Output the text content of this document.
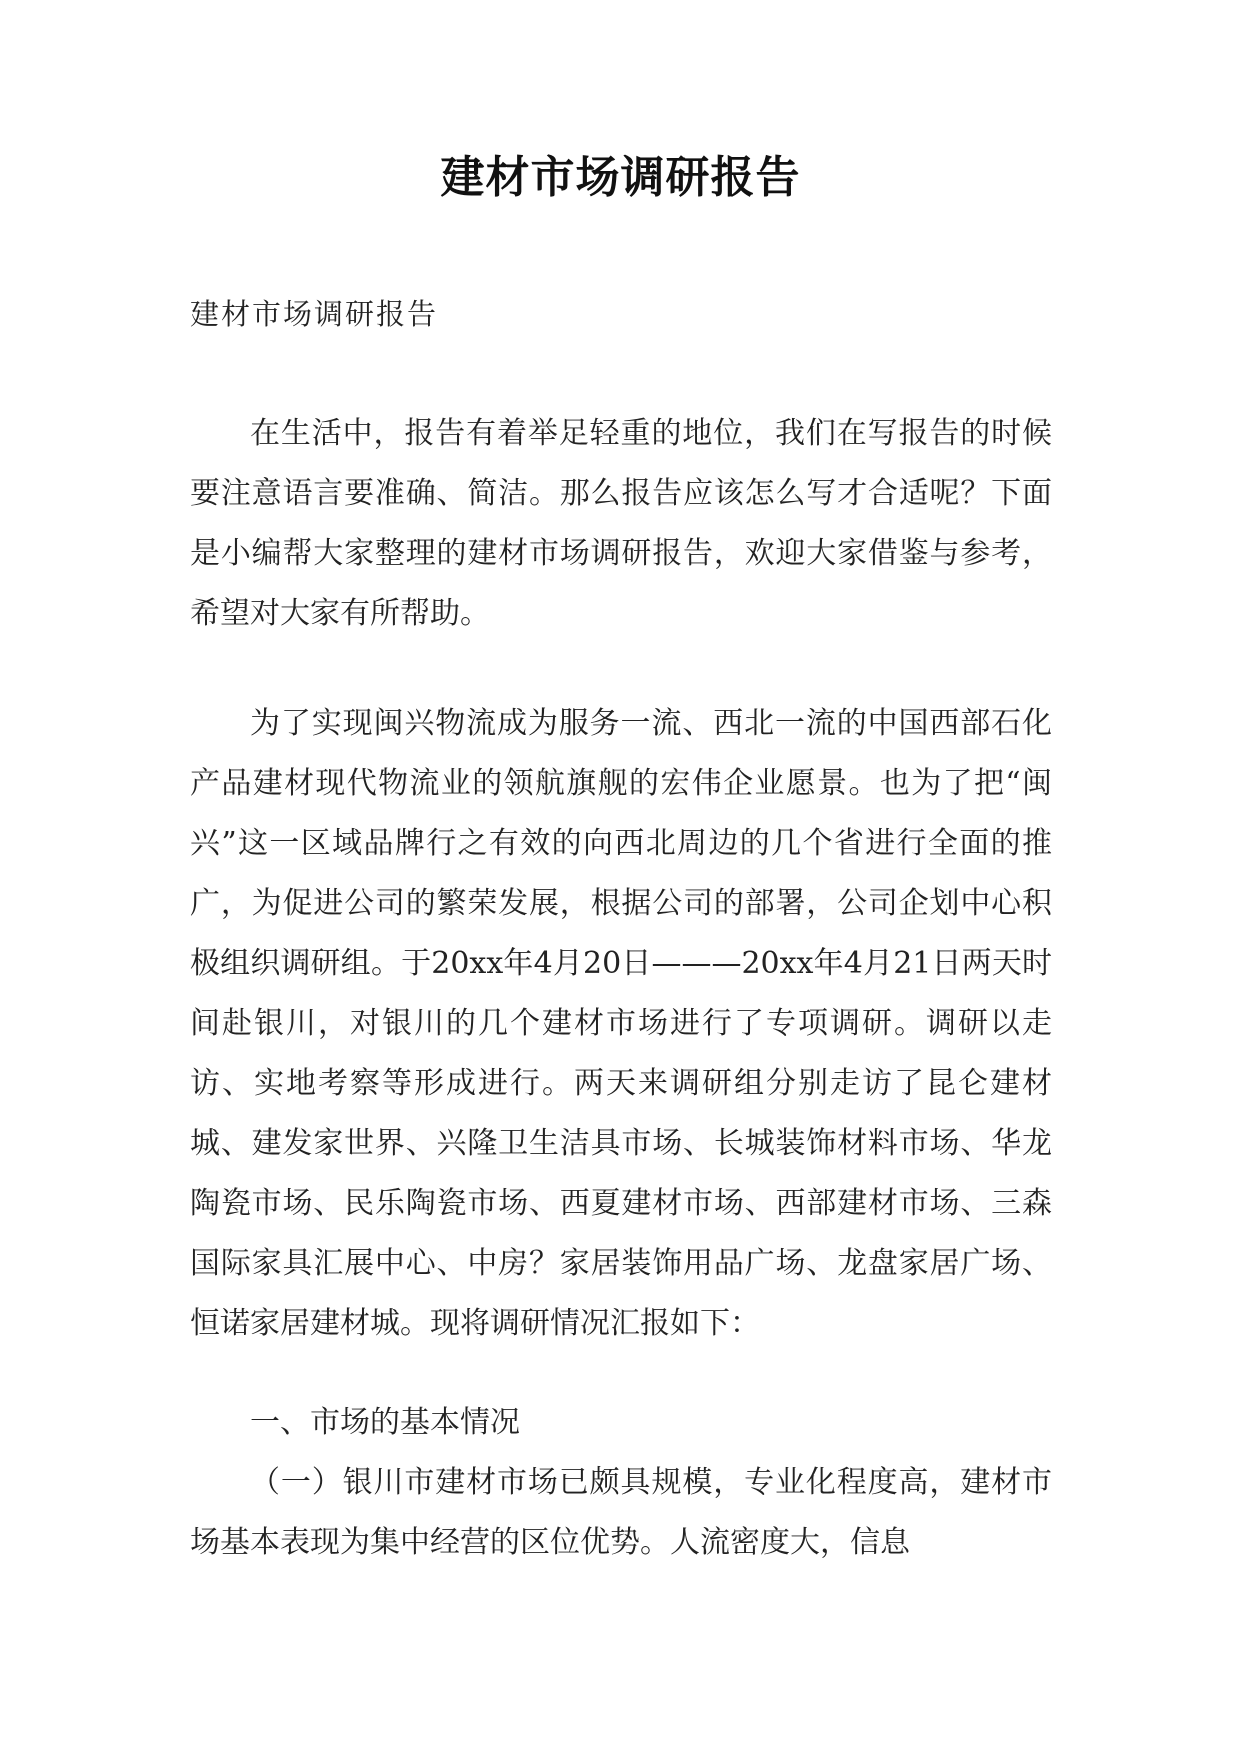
建材市场调研报告

建材市场调研报告

在生活中，报告有着举足轻重的地位，我们在写报告的时候要注意语言要准确、简洁。那么报告应该怎么写才合适呢？下面是小编帮大家整理的建材市场调研报告，欢迎大家借鉴与参考，希望对大家有所帮助。

为了实现闽兴物流成为服务一流、西北一流的中国西部石化产品建材现代物流业的领航旗舰的宏伟企业愿景。也为了把“闽兴”这一区域品牌行之有效的向西北周边的几个省进行全面的推广，为促进公司的繁荣发展，根据公司的部署，公司企划中心积极组织调研组。于20xx年4月20日———20xx年4月21日两天时间赴银川，对银川的几个建材市场进行了专项调研。调研以走访、实地考察等形成进行。两天来调研组分别走访了昆仑建材城、建发家世界、兴隆卫生洁具市场、长城装饰材料市场、华龙陶瓷市场、民乐陶瓷市场、西夏建材市场、西部建材市场、三森国际家具汇展中心、中房？家居装饰用品广场、龙盘家居广场、恒诺家居建材城。现将调研情况汇报如下：

一、市场的基本情况

（一）银川市建材市场已颇具规模，专业化程度高，建材市场基本表现为集中经营的区位优势。人流密度大，信息
